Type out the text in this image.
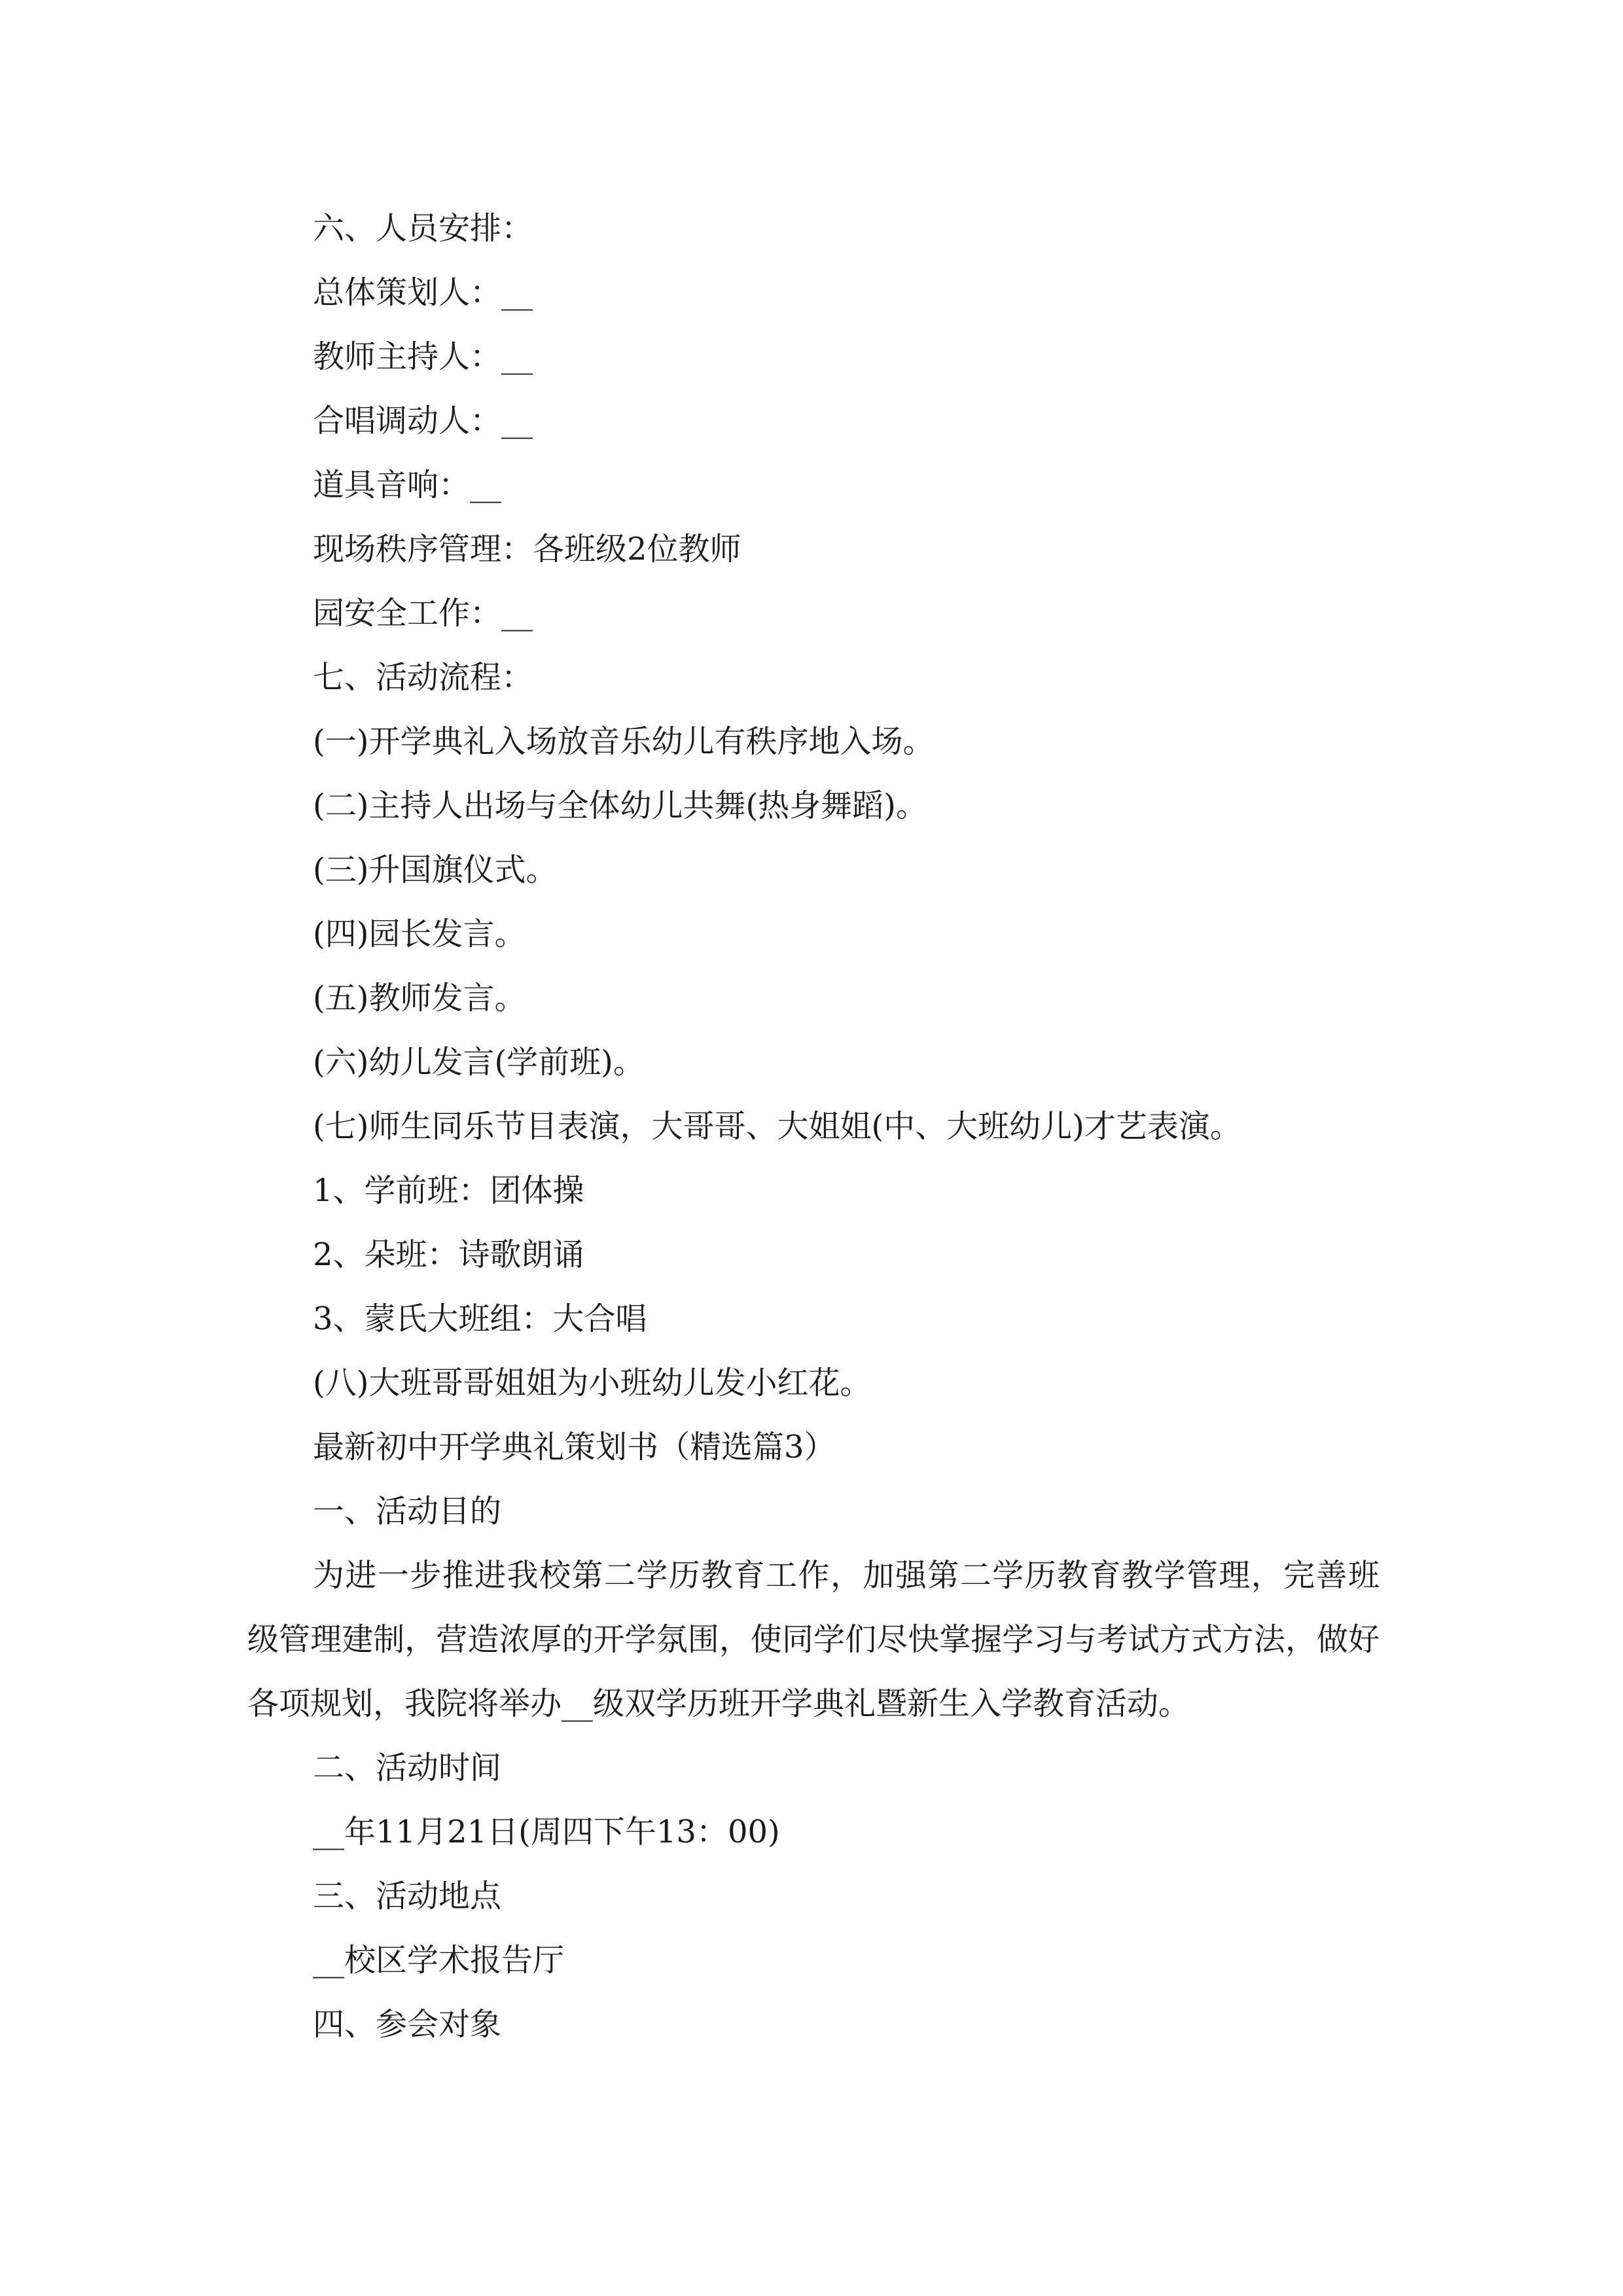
六、人员安排：
总体策划人：__
教师主持人：__
合唱调动人：__
道具音响：__
现场秩序管理：各班级2位教师
园安全工作：__
七、活动流程：
(一)开学典礼入场放音乐幼儿有秩序地入场。
(二)主持人出场与全体幼儿共舞(热身舞蹈)。
(三)升国旗仪式。
(四)园长发言。
(五)教师发言。
(六)幼儿发言(学前班)。
(七)师生同乐节目表演，大哥哥、大姐姐(中、大班幼儿)才艺表演。
1、学前班：团体操
2、朵班：诗歌朗诵
3、蒙氏大班组：大合唱
(八)大班哥哥姐姐为小班幼儿发小红花。
最新初中开学典礼策划书（精选篇3）
一、活动目的
为进一步推进我校第二学历教育工作，加强第二学历教育教学管理，完善班级管理建制，营造浓厚的开学氛围，使同学们尽快掌握学习与考试方式方法，做好各项规划，我院将举办__级双学历班开学典礼暨新生入学教育活动。
二、活动时间
__年11月21日(周四下午13：00)
三、活动地点
__校区学术报告厅
四、参会对象
